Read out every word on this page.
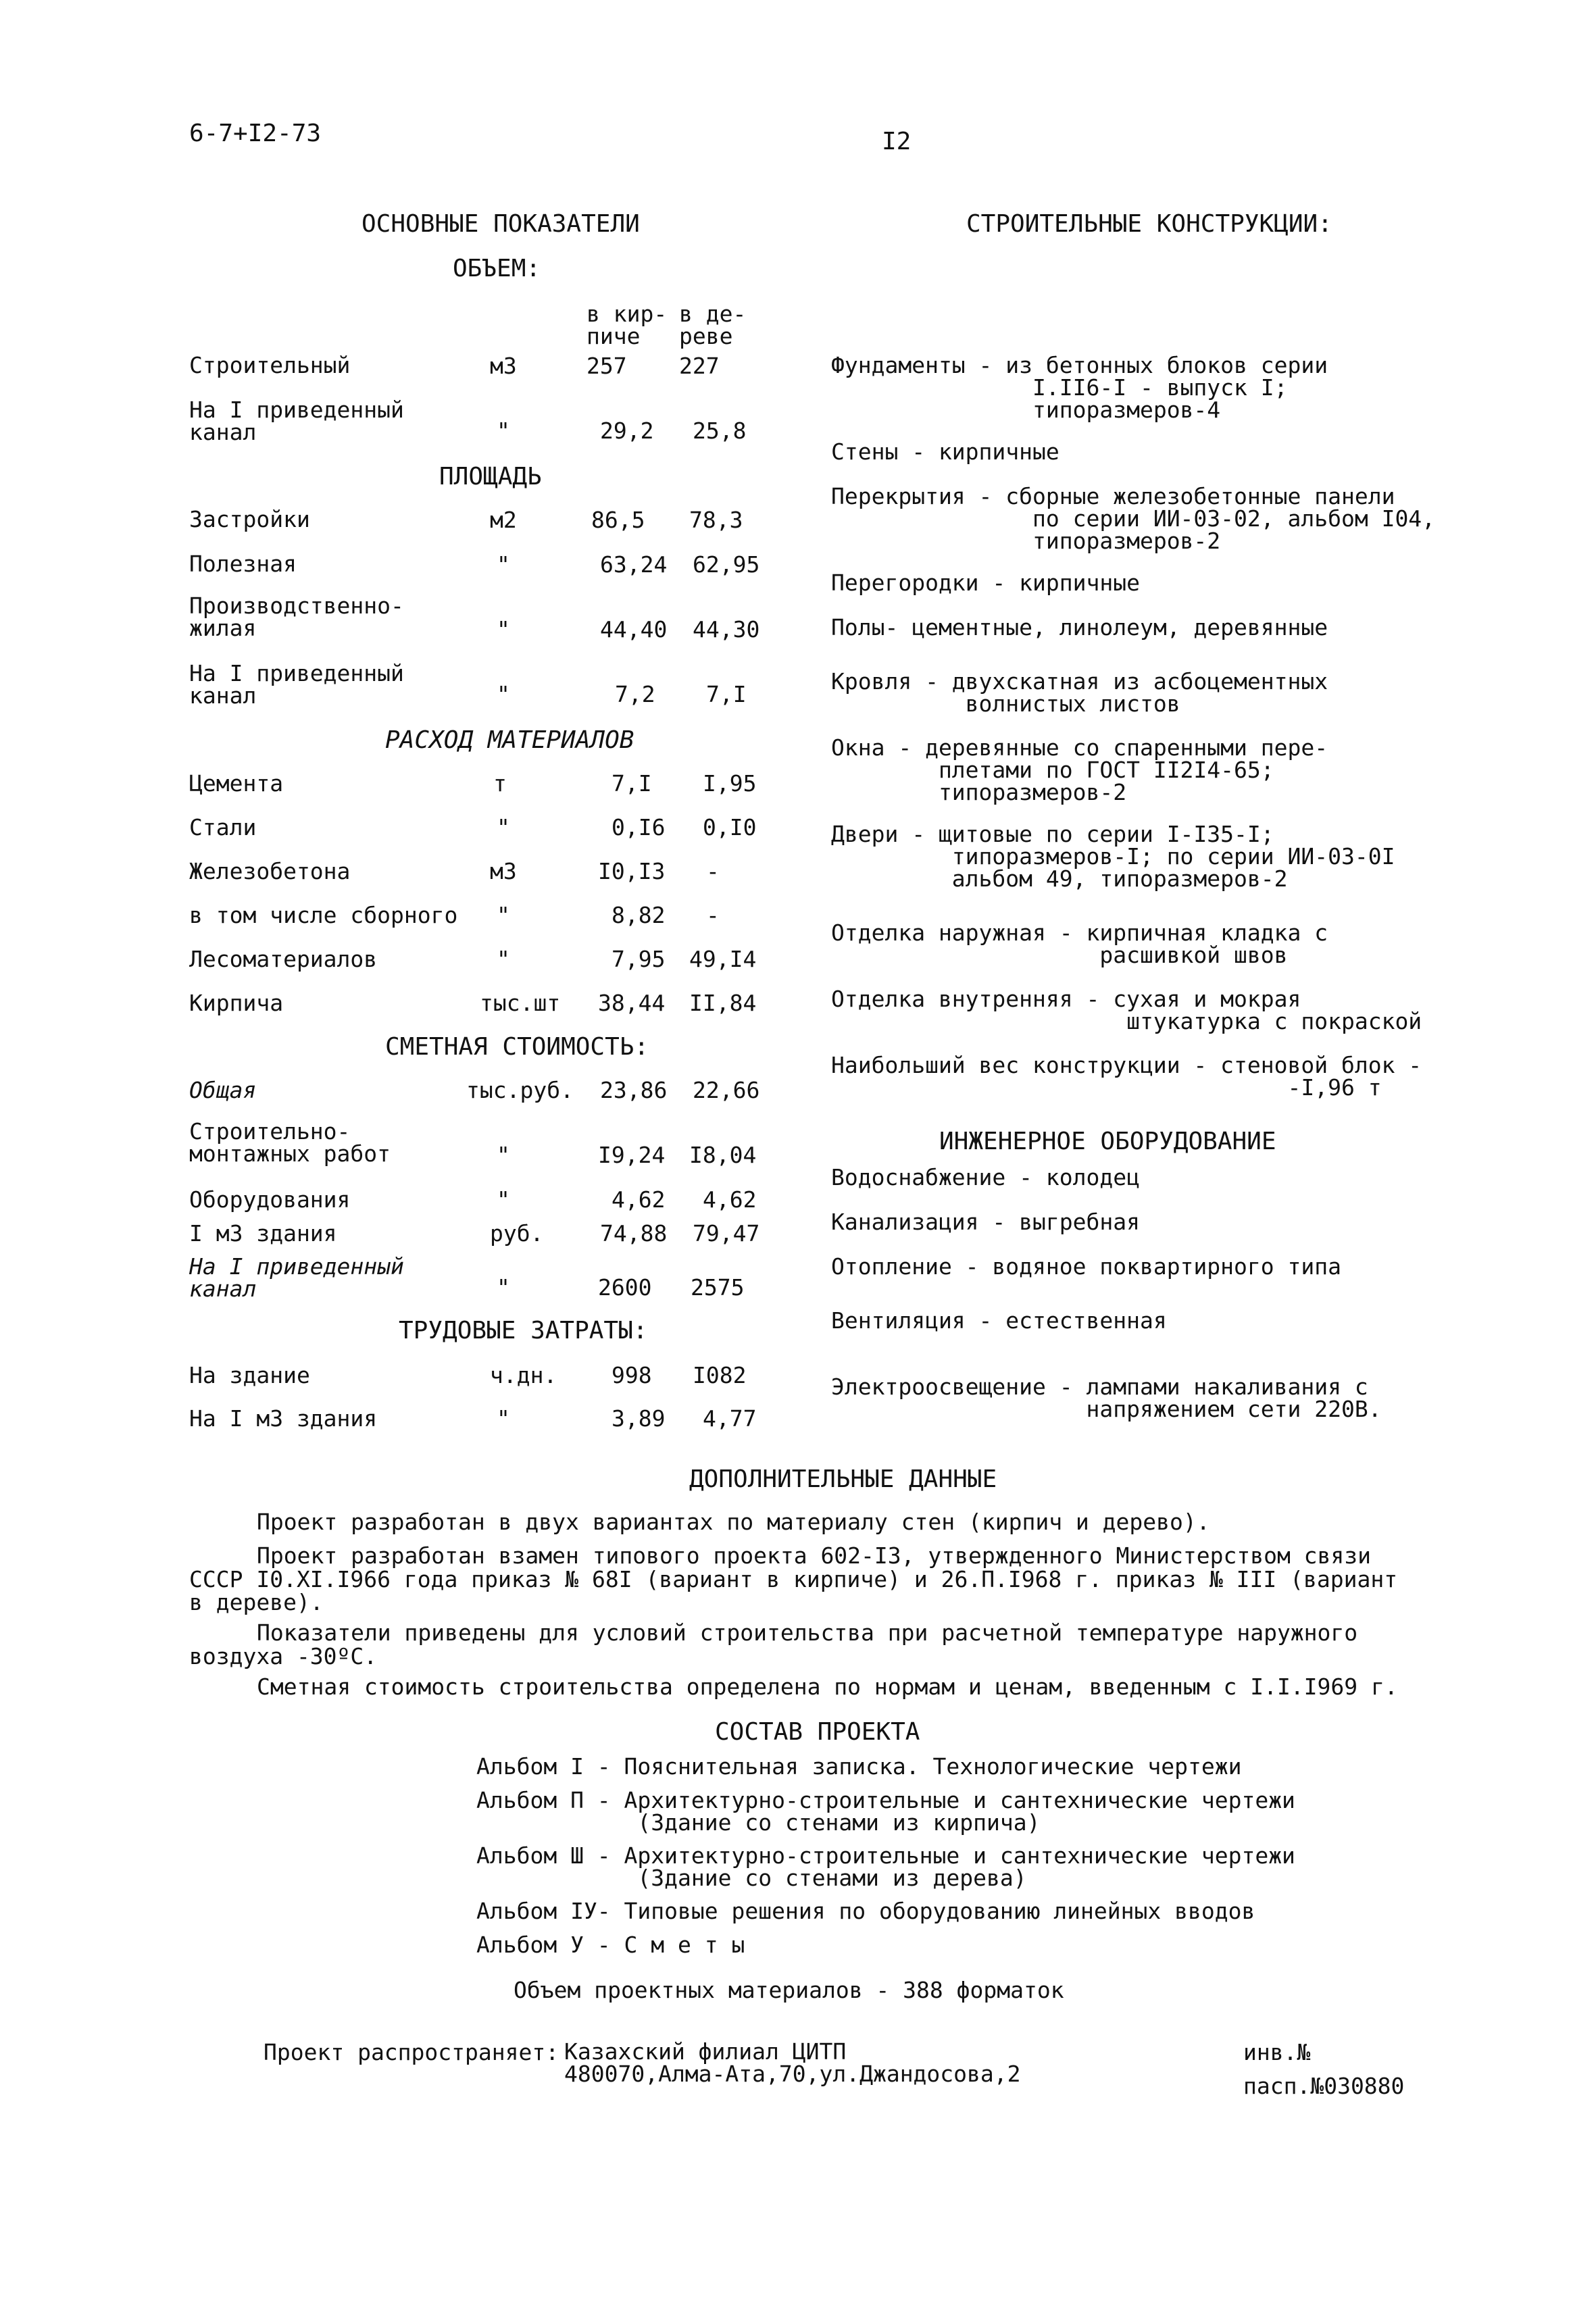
6-7+I2-73	I2
ОСНОВНЫЕ ПОКАЗАТЕЛИ
ОБЪЕМ:
в кир-
пиче
в де-
реве
Строительный	м3	257 227
На I приведенный
канал	"	29,2 25,8
ПЛОЩАДЬ
Застройки	м2	86,5 78,3
Полезная	"	63,24 62,95
Производственно-
жилая	"	44,40 44,30
На I приведенный
канал	"	7,2 7,I
РАСХОД МАТЕРИАЛОВ
Цемента	т	7,I I,95
Стали	"	0,I6 0,I0
Железобетона	м3	I0,I3 -
в том числе сборного "	8,82 -
Лесоматериалов	"	7,95 49,I4
Кирпича	тыс.шт 38,44 II,84
СМЕТНАЯ СТОИМОСТЬ:
Общая	тыс.руб. 23,86 22,66
Строительно-
монтажных работ	"	I9,24 I8,04
Оборудования	"	4,62 4,62
I м3 здания	руб.	74,88 79,47
На I приведенный
канал	"	2600 2575
ТРУДОВЫЕ ЗАТРАТЫ:
На здание	ч.дн. 998 I082
На I м3 здания	"	3,89 4,77
СТРОИТЕЛЬНЫЕ КОНСТРУКЦИИ:
Фундаменты - из бетонных блоков серии
I.II6-I - выпуск I;
типоразмеров-4
Стены - кирпичные
Перекрытия - сборные железобетонные панели
по серии ИИ-03-02, альбом I04,
типоразмеров-2
Перегородки - кирпичные
Полы- цементные, линолеум, деревянные
Кровля - двухскатная из асбоцементных
волнистых листов
Окна - деревянные со спаренными пере-
плетами по ГОСТ II2I4-65;
типоразмеров-2
Двери - щитовые по серии I-I35-I;
типоразмеров-I; по серии ИИ-03-0I
альбом 49, типоразмеров-2
Отделка наружная - кирпичная кладка с
расшивкой швов
Отделка внутренняя - сухая и мокрая
штукатурка с покраской
Наибольший вес конструкции - стеновой блок -
-I,96 т
ИНЖЕНЕРНОЕ ОБОРУДОВАНИЕ
Водоснабжение - колодец
Канализация - выгребная
Отопление - водяное поквартирного типа
Вентиляция - естественная
Электроосвещение - лампами накаливания с
напряжением сети 220В.
ДОПОЛНИТЕЛЬНЫЕ ДАННЫЕ
Проект разработан в двух вариантах по материалу стен (кирпич и дерево).
Проект разработан взамен типового проекта 602-I3, утвержденного Министерством связи СССР I0.XI.I966 года приказ № 68I (вариант в кирпиче) и 26.П.I968 г. приказ № III (вариант в дереве).
Показатели приведены для условий строительства при расчетной температуре наружного воздуха -30ºС.
Сметная стоимость строительства определена по нормам и ценам, введенным с I.I.I969 г.
СОСТАВ ПРОЕКТА
Альбом I - Пояснительная записка. Технологические чертежи
Альбом П - Архитектурно-строительные и сантехнические чертежи
(Здание со стенами из кирпича)
Альбом Ш - Архитектурно-строительные и сантехнические чертежи
(Здание со стенами из дерева)
Альбом IУ- Типовые решения по оборудованию линейных вводов
Альбом У - С м е т ы
Объем проектных материалов - 388 форматок
Проект распространяет: Казахский филиал ЦИТП
480070,Алма-Ата,70,ул.Джандосова,2
инв.№
пасп.№030880
